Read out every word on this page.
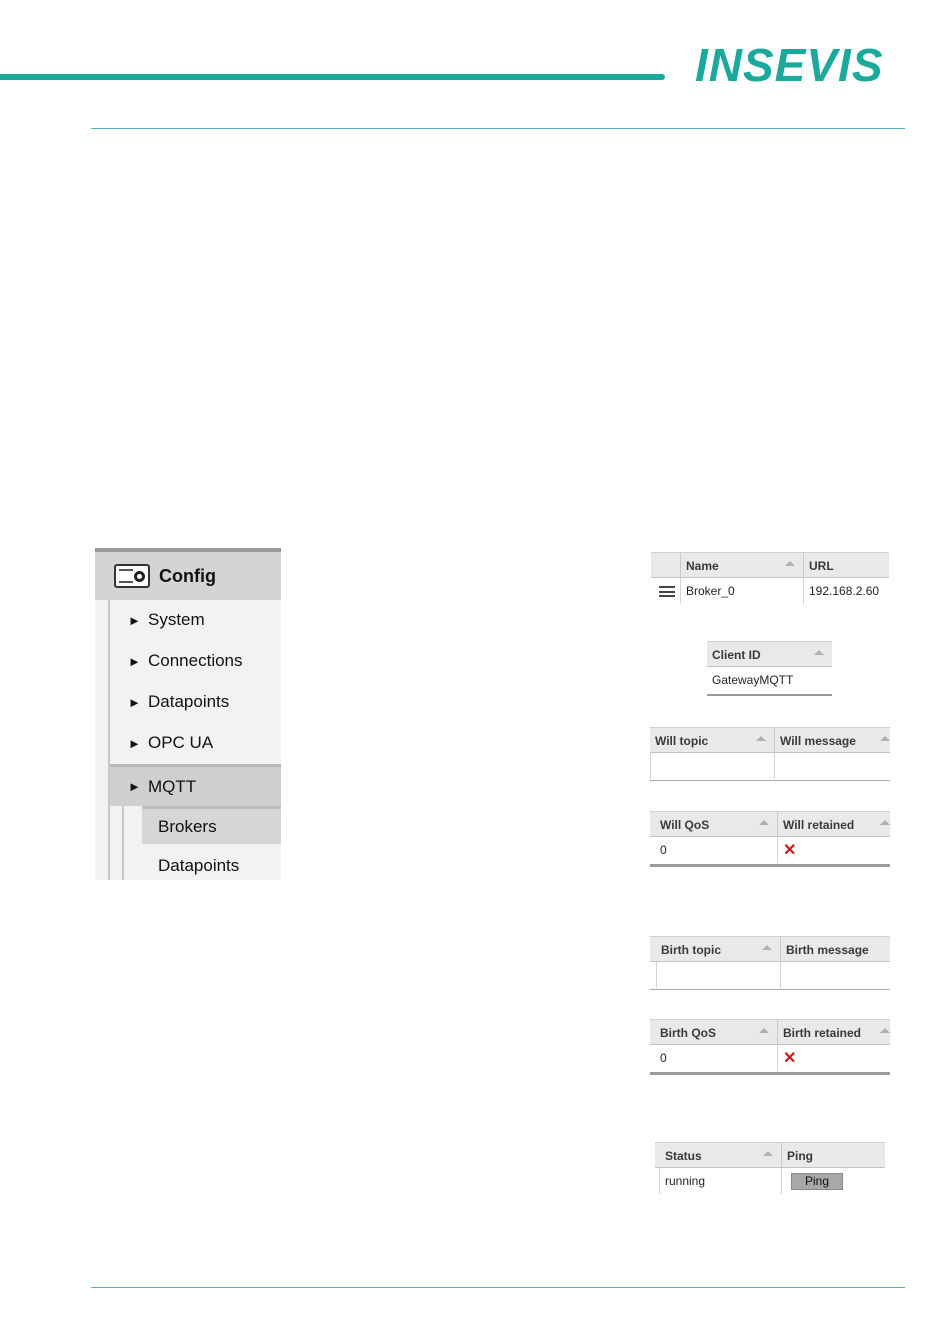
INSEVIS
Config
► System
► Connections
► Datapoints
► OPC UA
► MQTT
Brokers
Datapoints
Name	URL
Broker_0	192.168.2.60
Client ID
GatewayMQTT
Will topic	Will message
Will QoS	Will retained
0	✕
Birth topic	Birth message
Birth QoS	Birth retained
0	✕
Status	Ping
running	Ping
